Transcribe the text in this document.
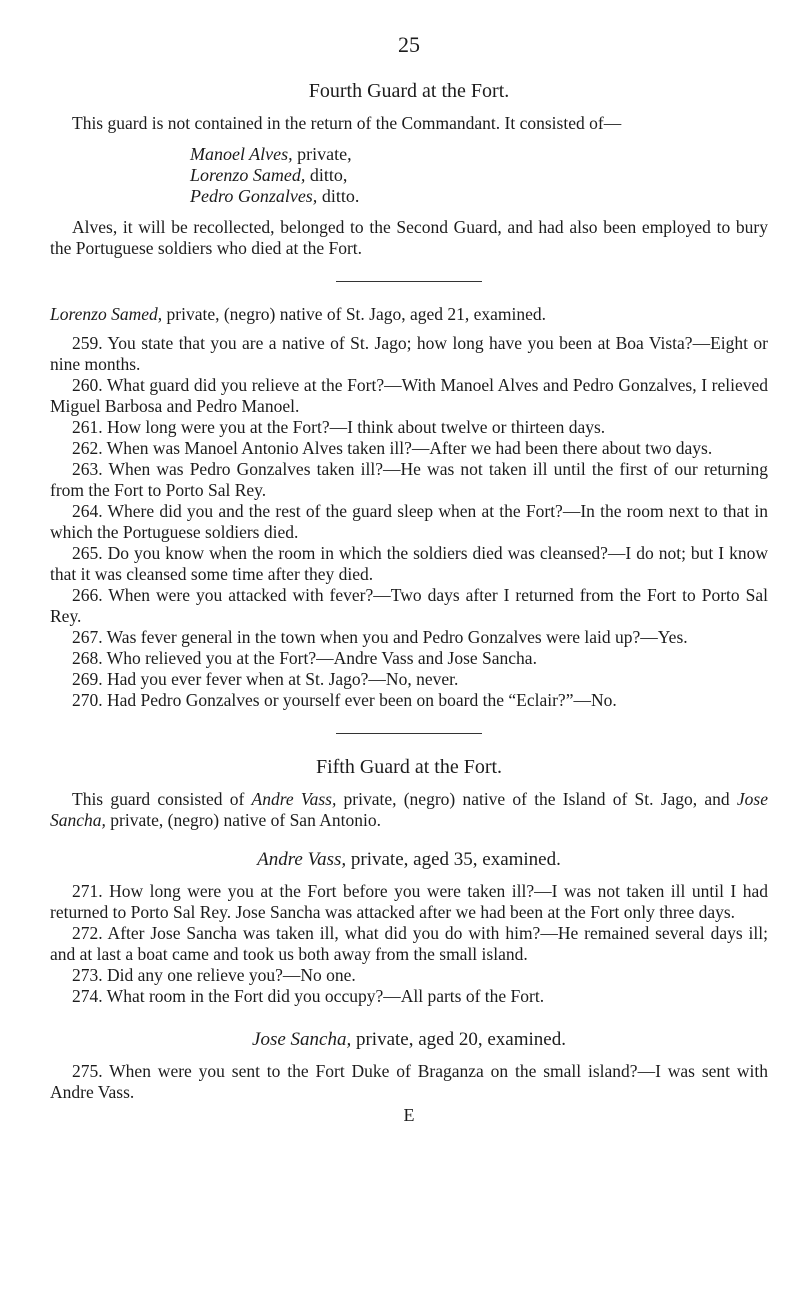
25
Fourth Guard at the Fort.

This guard is not contained in the return of the Commandant. It consisted of—

Manoel Alves, private,
Lorenzo Samed, ditto,
Pedro Gonzalves, ditto.

Alves, it will be recollected, belonged to the Second Guard, and had also been employed to bury the Portuguese soldiers who died at the Fort.

Lorenzo Samed, private, (negro) native of St. Jago, aged 21, examined.

259. You state that you are a native of St. Jago; how long have you been at Boa Vista?—Eight or nine months.

260. What guard did you relieve at the Fort?—With Manoel Alves and Pedro Gonzalves, I relieved Miguel Barbosa and Pedro Manoel.

261. How long were you at the Fort?—I think about twelve or thirteen days.

262. When was Manoel Antonio Alves taken ill?—After we had been there about two days.

263. When was Pedro Gonzalves taken ill?—He was not taken ill until the first of our returning from the Fort to Porto Sal Rey.

264. Where did you and the rest of the guard sleep when at the Fort?—In the room next to that in which the Portuguese soldiers died.

265. Do you know when the room in which the soldiers died was cleansed?—I do not; but I know that it was cleansed some time after they died.

266. When were you attacked with fever?—Two days after I returned from the Fort to Porto Sal Rey.

267. Was fever general in the town when you and Pedro Gonzalves were laid up?—Yes.

268. Who relieved you at the Fort?—Andre Vass and Jose Sancha.

269. Had you ever fever when at St. Jago?—No, never.

270. Had Pedro Gonzalves or yourself ever been on board the “Eclair?”—No.

Fifth Guard at the Fort.

This guard consisted of Andre Vass, private, (negro) native of the Island of St. Jago, and Jose Sancha, private, (negro) native of San Antonio.

Andre Vass, private, aged 35, examined.

271. How long were you at the Fort before you were taken ill?—I was not taken ill until I had returned to Porto Sal Rey. Jose Sancha was attacked after we had been at the Fort only three days.

272. After Jose Sancha was taken ill, what did you do with him?—He remained several days ill; and at last a boat came and took us both away from the small island.

273. Did any one relieve you?—No one.

274. What room in the Fort did you occupy?—All parts of the Fort.

Jose Sancha, private, aged 20, examined.

275. When were you sent to the Fort Duke of Braganza on the small island?—I was sent with Andre Vass.

E
